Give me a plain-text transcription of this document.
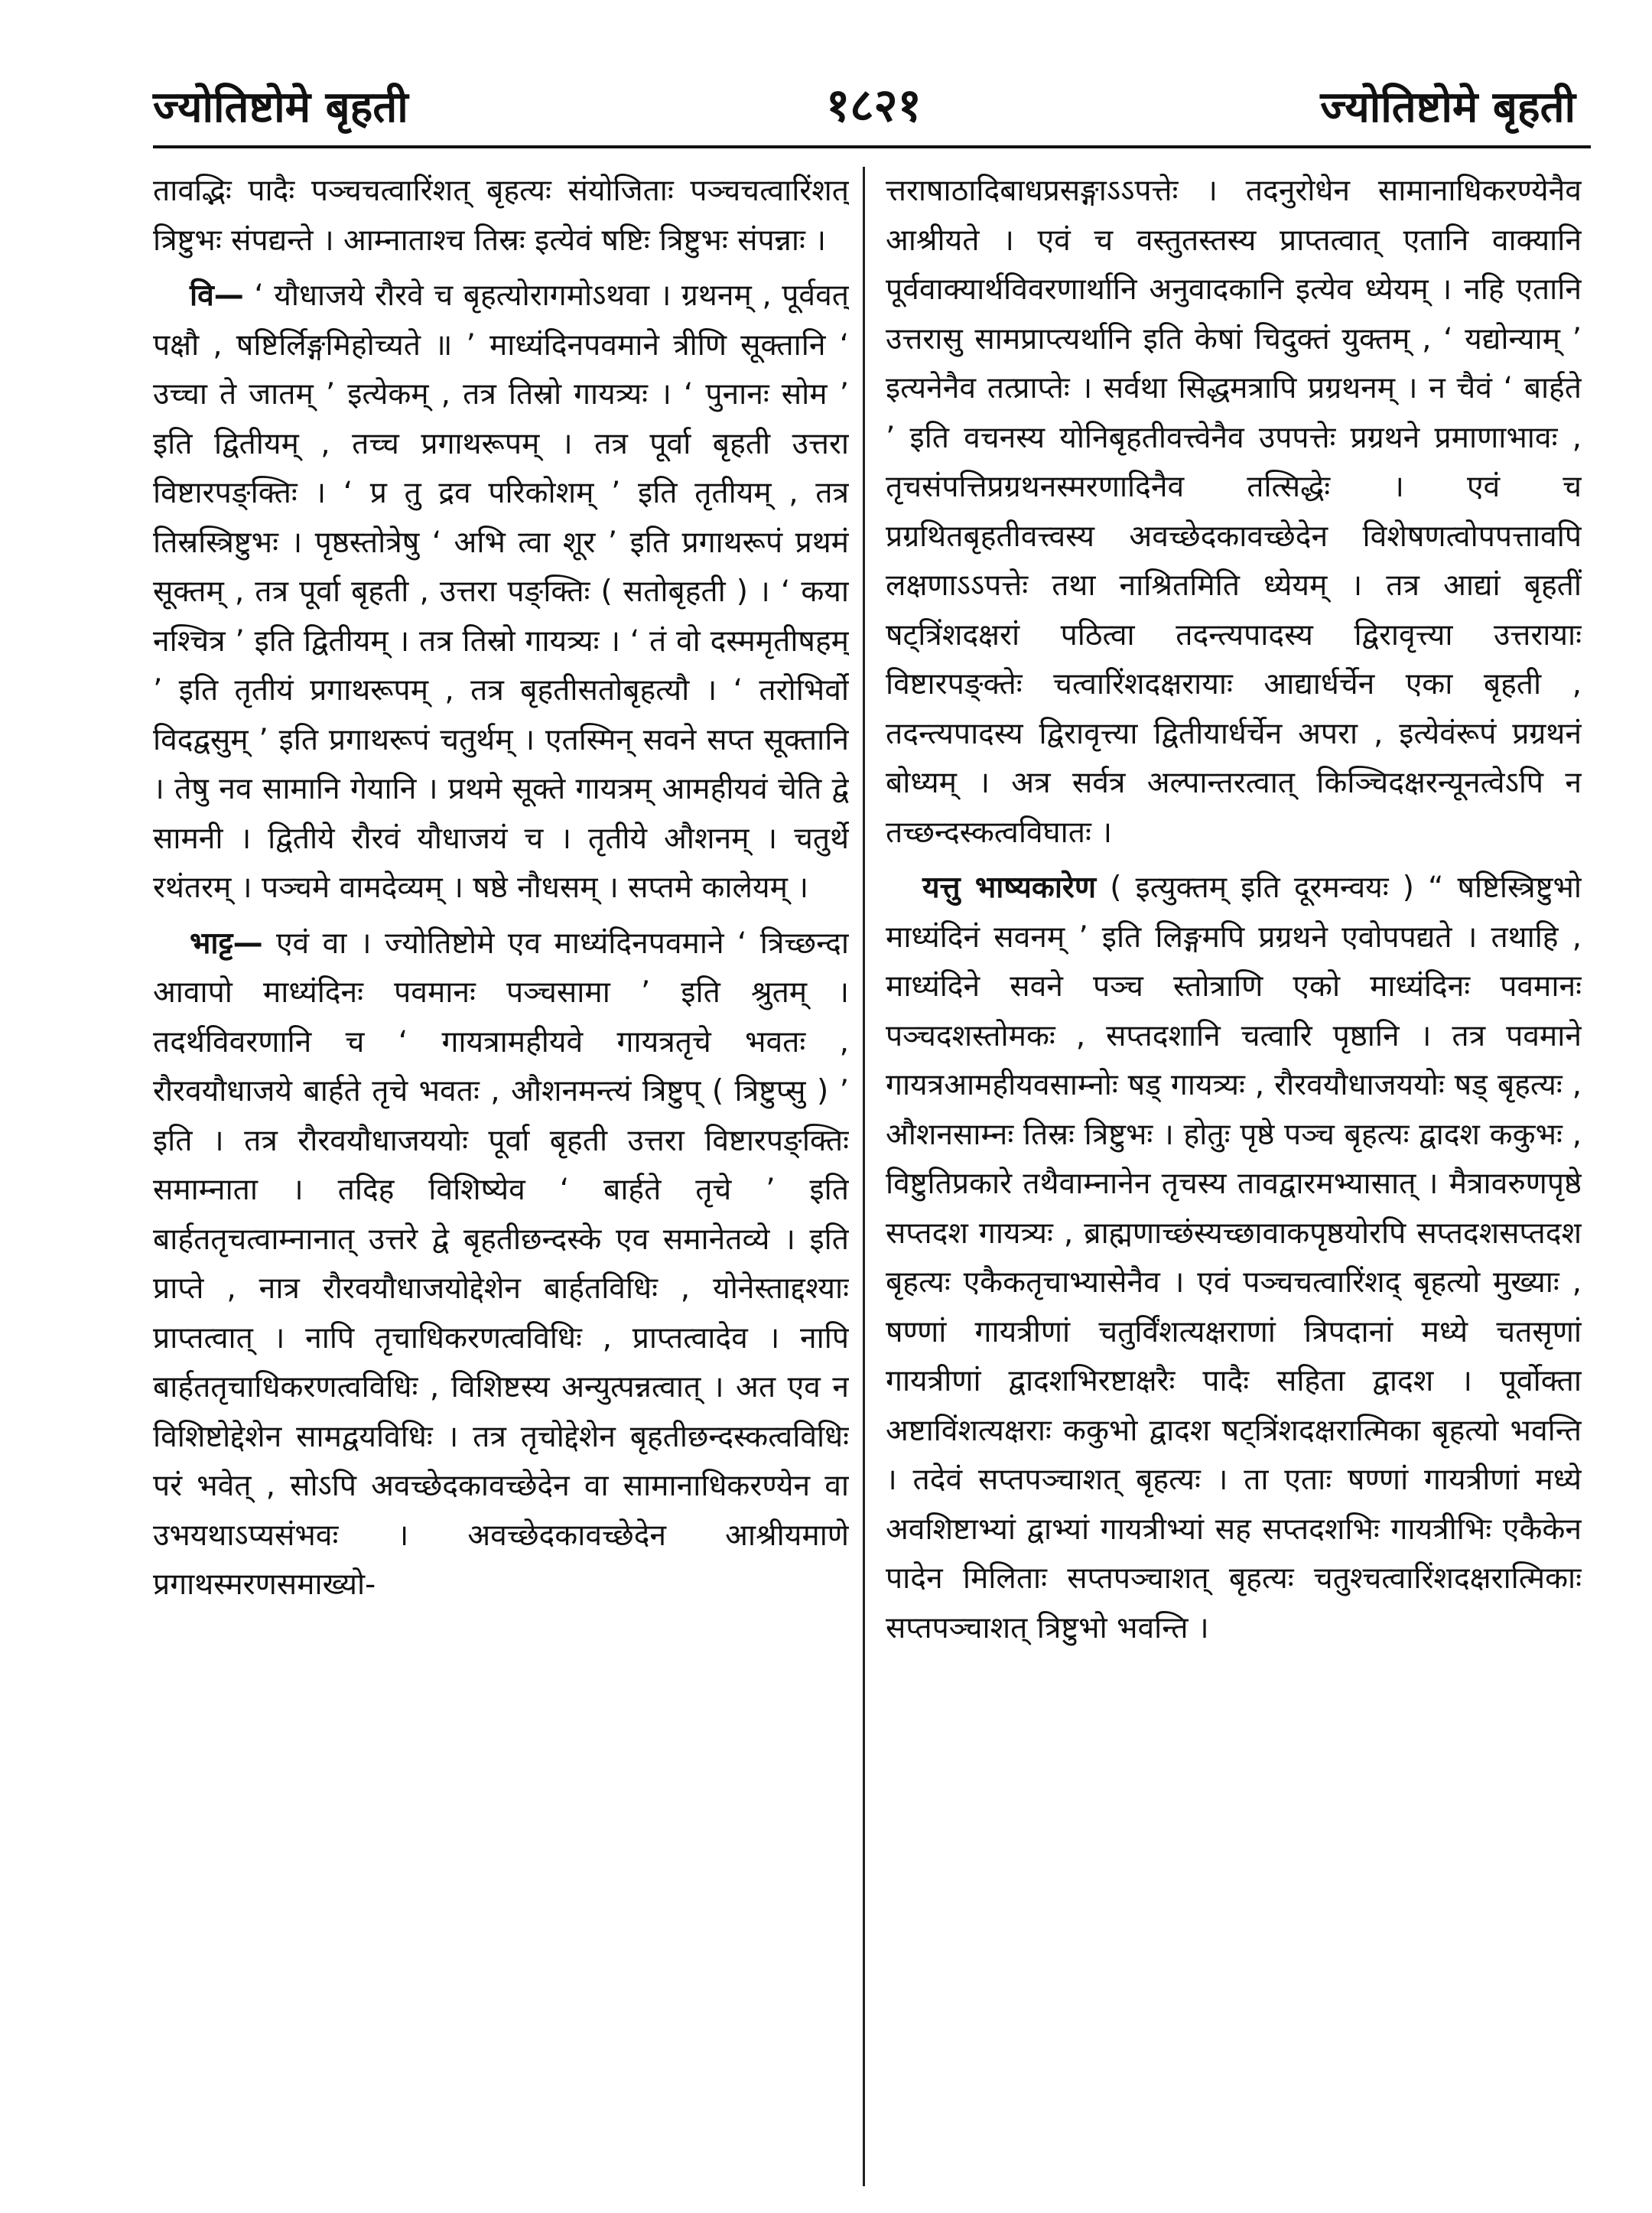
ज्योतिष्टोमे बृहती	१८२१	ज्योतिष्टोमे बृहती

तावद्भिः पादैः पञ्चचत्वारिंशत् बृहत्यः संयोजिताः पञ्चचत्वारिंशत् त्रिष्टुभः संपद्यन्ते । आम्नाताश्च तिस्रः इत्येवं षष्टिः त्रिष्टुभः संपन्नाः ।

वि— ‘ यौधाजये रौरवे च बृहत्योरागमोऽथवा । ग्रथनम् , पूर्ववत् पक्षौ , षष्टिर्लिङ्गमिहोच्यते ॥ ’ माध्यंदिनपवमाने त्रीणि सूक्तानि ‘ उच्चा ते जातम् ’ इत्येकम् , तत्र तिस्रो गायत्र्यः । ‘ पुनानः सोम ’ इति द्वितीयम् , तच्च प्रगाथरूपम् । तत्र पूर्वा बृहती उत्तरा विष्टारपङ्क्तिः । ‘ प्र तु द्रव परिकोशम् ’ इति तृतीयम् , तत्र तिस्रस्त्रिष्टुभः । पृष्ठस्तोत्रेषु ‘ अभि त्वा शूर ’ इति प्रगाथरूपं प्रथमं सूक्तम् , तत्र पूर्वा बृहती , उत्तरा पङ्क्तिः ( सतोबृहती ) । ‘ कया नश्चित्र ’ इति द्वितीयम् । तत्र तिस्रो गायत्र्यः । ‘ तं वो दस्ममृतीषहम् ’ इति तृतीयं प्रगाथरूपम् , तत्र बृहतीसतोबृहत्यौ । ‘ तरोभिर्वो विदद्वसुम् ’ इति प्रगाथरूपं चतुर्थम् । एतस्मिन् सवने सप्त सूक्तानि । तेषु नव सामानि गेयानि । प्रथमे सूक्ते गायत्रम् आमहीयवं चेति द्वे सामनी । द्वितीये रौरवं यौधाजयं च । तृतीये औशनम् । चतुर्थे रथंतरम् । पञ्चमे वामदेव्यम् । षष्ठे नौधसम् । सप्तमे कालेयम् ।

भाट्ट— एवं वा । ज्योतिष्टोमे एव माध्यंदिनपवमाने ‘ त्रिच्छन्दा आवापो माध्यंदिनः पवमानः पञ्चसामा ’ इति श्रुतम् । तदर्थविवरणानि च ‘ गायत्रामहीयवे गायत्रतृचे भवतः , रौरवयौधाजये बार्हते तृचे भवतः , औशनमन्त्यं त्रिष्टुप् ( त्रिष्टुप्सु ) ’ इति । तत्र रौरवयौधाजययोः पूर्वा बृहती उत्तरा विष्टारपङ्क्तिः समाम्नाता । तदिह विशिष्येव ‘ बार्हते तृचे ’ इति बार्हततृचत्वाम्नानात् उत्तरे द्वे बृहतीछन्दस्के एव समानेतव्ये । इति प्राप्ते , नात्र रौरवयौधाजयोद्देशेन बार्हतविधिः , योनेस्ताद्दश्याः प्राप्तत्वात् । नापि तृचाधिकरणत्वविधिः , प्राप्तत्वादेव । नापि बार्हततृचाधिकरणत्वविधिः , विशिष्टस्य अन्युत्पन्नत्वात् । अत एव न विशिष्टोद्देशेन सामद्वयविधिः । तत्र तृचोद्देशेन बृहतीछन्दस्कत्वविधिः परं भवेत् , सोऽपि अवच्छेदकावच्छेदेन वा सामानाधिकरण्येन वा उभयथाऽप्यसंभवः । अवच्छेदकावच्छेदेन आश्रीयमाणे प्रगाथस्मरणसमाख्यो-

त्तराषाठादिबाधप्रसङ्गाऽऽपत्तेः । तदनुरोधेन सामानाधिकरण्येनैव आश्रीयते । एवं च वस्तुतस्तस्य प्राप्तत्वात् एतानि वाक्यानि पूर्ववाक्यार्थविवरणार्थानि अनुवादकानि इत्येव ध्येयम् । नहि एतानि उत्तरासु सामप्राप्त्यर्थानि इति केषां चिदुक्तं युक्तम् , ‘ यद्योन्याम् ’ इत्यनेनैव तत्प्राप्तेः । सर्वथा सिद्धमत्रापि प्रग्रथनम् । न चैवं ‘ बार्हते ’ इति वचनस्य योनिबृहतीवत्त्वेनैव उपपत्तेः प्रग्रथने प्रमाणाभावः , तृचसंपत्तिप्रग्रथनस्मरणादिनैव तत्सिद्धेः । एवं च प्रग्रथितबृहतीवत्त्वस्य अवच्छेदकावच्छेदेन विशेषणत्वोपपत्तावपि लक्षणाऽऽपत्तेः तथा नाश्रितमिति ध्येयम् । तत्र आद्यां बृहतीं षट्त्रिंशदक्षरां पठित्वा तदन्त्यपादस्य द्विरावृत्त्या उत्तरायाः विष्टारपङ्क्तेः चत्वारिंशदक्षरायाः आद्यार्धर्चेन एका बृहती , तदन्त्यपादस्य द्विरावृत्त्या द्वितीयार्धर्चेन अपरा , इत्येवंरूपं प्रग्रथनं बोध्यम् । अत्र सर्वत्र अल्पान्तरत्वात् किञ्चिदक्षरन्यूनत्वेऽपि न तच्छन्दस्कत्वविघातः ।

यत्तु भाष्यकारेण ( इत्युक्तम् इति दूरमन्वयः ) “ षष्टिस्त्रिष्टुभो माध्यंदिनं सवनम् ’ इति लिङ्गमपि प्रग्रथने एवोपपद्यते । तथाहि , माध्यंदिने सवने पञ्च स्तोत्राणि एको माध्यंदिनः पवमानः पञ्चदशस्तोमकः , सप्तदशानि चत्वारि पृष्ठानि । तत्र पवमाने गायत्रआमहीयवसाम्नोः षड् गायत्र्यः , रौरवयौधाजययोः षड् बृहत्यः , औशनसाम्नः तिस्रः त्रिष्टुभः । होतुः पृष्ठे पञ्च बृहत्यः द्वादश ककुभः , विष्टुतिप्रकारे तथैवाम्नानेन तृचस्य तावद्वारमभ्यासात् । मैत्रावरुणपृष्ठे सप्तदश गायत्र्यः , ब्राह्मणाच्छंस्यच्छावाकपृष्ठयोरपि सप्तदशसप्तदश बृहत्यः एकैकतृचाभ्यासेनैव । एवं पञ्चचत्वारिंशद् बृहत्यो मुख्याः , षण्णां गायत्रीणां चतुर्विंशत्यक्षराणां त्रिपदानां मध्ये चतसृणां गायत्रीणां द्वादशभिरष्टाक्षरैः पादैः सहिता द्वादश । पूर्वोक्ता अष्टाविंशत्यक्षराः ककुभो द्वादश षट्त्रिंशदक्षरात्मिका बृहत्यो भवन्ति । तदेवं सप्तपञ्चाशत् बृहत्यः । ता एताः षण्णां गायत्रीणां मध्ये अवशिष्टाभ्यां द्वाभ्यां गायत्रीभ्यां सह सप्तदशभिः गायत्रीभिः एकैकेन पादेन मिलिताः सप्तपञ्चाशत् बृहत्यः चतुश्चत्वारिंशदक्षरात्मिकाः सप्तपञ्चाशत् त्रिष्टुभो भवन्ति ।
